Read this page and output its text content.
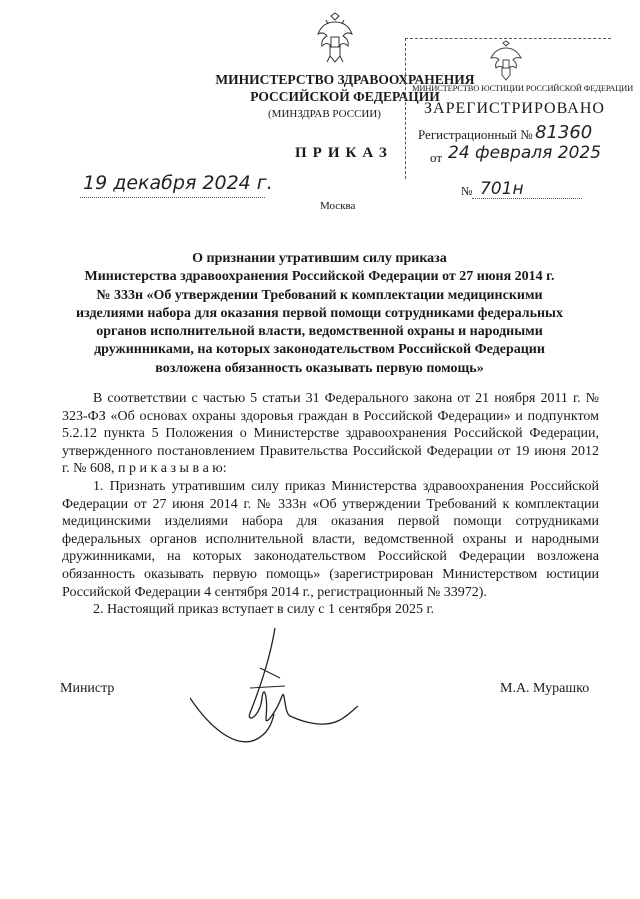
МИНИСТЕРСТВО ЗДРАВООХРАНЕНИЯ
РОССИЙСКОЙ ФЕДЕРАЦИИ
(МИНЗДРАВ РОССИИ)
ПРИКАЗ
МИНИСТЕРСТВО ЮСТИЦИИ РОССИЙСКОЙ ФЕДЕРАЦИИ
ЗАРЕГИСТРИРОВАНО
Регистрационный № 81360
от 24 февраля 2025
19 декабря 2024 г.
Москва
№ 701н
О признании утратившим силу приказа
Министерства здравоохранения Российской Федерации от 27 июня 2014 г.
№ 333н «Об утверждении Требований к комплектации медицинскими
изделиями набора для оказания первой помощи сотрудниками федеральных
органов исполнительной власти, ведомственной охраны и народными
дружинниками, на которых законодательством Российской Федерации
возложена обязанность оказывать первую помощь»

В соответствии с частью 5 статьи 31 Федерального закона от 21 ноября 2011 г. № 323-ФЗ «Об основах охраны здоровья граждан в Российской Федерации» и подпунктом 5.2.12 пункта 5 Положения о Министерстве здравоохранения Российской Федерации, утвержденного постановлением Правительства Российской Федерации от 19 июня 2012 г. № 608, п р и к а з ы в а ю:

1. Признать утратившим силу приказ Министерства здравоохранения Российской Федерации от 27 июня 2014 г. № 333н «Об утверждении Требований к комплектации медицинскими изделиями набора для оказания первой помощи сотрудниками федеральных органов исполнительной власти, ведомственной охраны и народными дружинниками, на которых законодательством Российской Федерации возложена обязанность оказывать первую помощь» (зарегистрирован Министерством юстиции Российской Федерации 4 сентября 2014 г., регистрационный № 33972).

2. Настоящий приказ вступает в силу с 1 сентября 2025 г.

Министр	М.А. Мурашко
